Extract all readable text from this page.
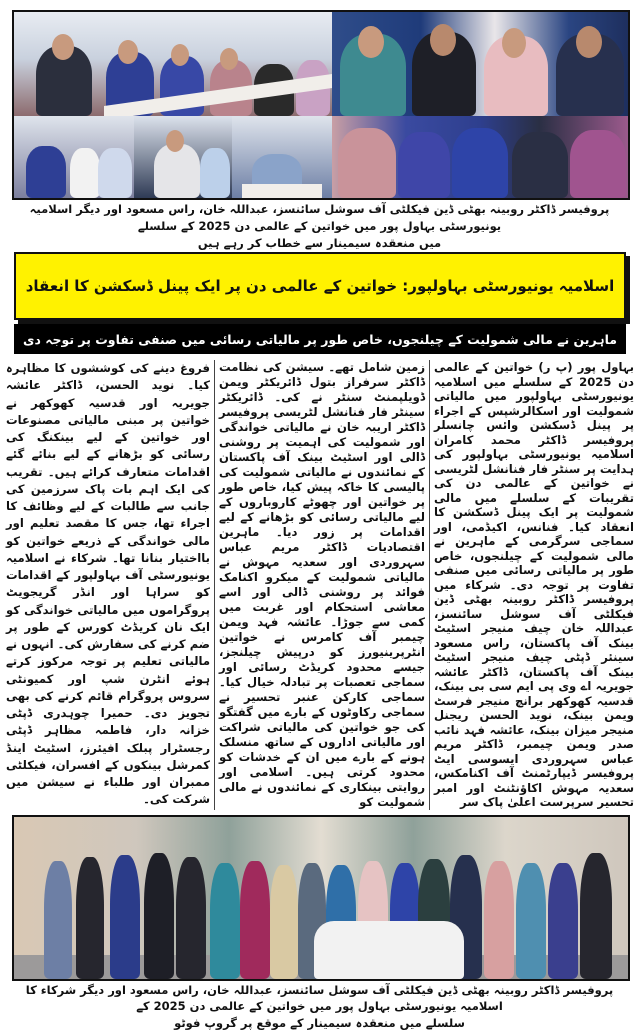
پروفیسر ڈاکٹر روبینہ بھٹی ڈین فیکلٹی آف سوشل سائنسز، عبداللہ خان، راس مسعود اور دیگر اسلامیہ یونیورسٹی بہاول پور میں خواتین کے عالمی دن 2025 کے سلسلے
میں منعقدہ سیمینار سے خطاب کر رہے ہیں
اسلامیہ یونیورسٹی بہاولپور: خواتین کے عالمی دن پر ایک پینل ڈسکشن کا انعقاد
ماہرین نے مالی شمولیت کے چیلنجوں، خاص طور پر مالیاتی رسائی میں صنفی تفاوت پر توجہ دی
بہاول پور (پ ر) خواتین کے عالمی دن 2025 کے سلسلے میں اسلامیہ یونیورسٹی بہاولپور میں مالیاتی شمولیت اور اسکالرشپس کے اجراء پر پینل ڈسکشن وائس چانسلر پروفیسر ڈاکٹر محمد کامران اسلامیہ یونیورسٹی بہاولپور کی ہدایت پر سنٹر فار فنانشل لٹریسی نے خواتین کے عالمی دن کی تقریبات کے سلسلے میں مالی شمولیت پر ایک پینل ڈسکشن کا انعقاد کیا۔ فنانس، اکیڈمی، اور سماجی سرگرمی کے ماہرین نے مالی شمولیت کے چیلنجوں، خاص طور پر مالیاتی رسائی میں صنفی تفاوت پر توجہ دی۔ شرکاء میں پروفیسر ڈاکٹر روبینہ بھٹی ڈین فیکلٹی آف سوشل سائنسز، عبداللہ خان چیف منیجر اسٹیٹ بینک آف پاکستان، راس مسعود سینئر ڈپٹی چیف منیجر اسٹیٹ بینک آف پاکستان، ڈاکٹر عائشہ جویریہ اے وی پی ایم سی بی بینک، قدسیہ کھوکھر برانچ منیجر فرسٹ ویمن بینک، نوید الحسن ریجنل منیجر میزان بینک، عائشہ فہد نائب صدر ویمن چیمبر، ڈاکٹر مریم عباس سہروردی ایسوسی ایٹ پروفیسر ڈیپارٹمنٹ آف اکنامکس، سعدیہ مہوش اکاؤنٹنٹ اور امبر تحسیر سرپرست اعلیٰ پاک سر
زمین شامل تھے۔ سیشن کی نظامت ڈاکٹر سرفراز بتول ڈائریکٹر ویمن ڈویلپمنٹ سنٹر نے کی۔ ڈائریکٹر سینٹر فار فنانشل لٹریسی پروفیسر ڈاکٹر اریبہ خان نے مالیاتی خواندگی اور شمولیت کی اہمیت پر روشنی ڈالی اور اسٹیٹ بینک آف پاکستان کے نمائندوں نے مالیاتی شمولیت کی پالیسی کا خاکہ پیش کیا، خاص طور پر خواتین اور چھوٹے کاروباروں کے لیے مالیاتی رسائی کو بڑھانے کے لیے اقدامات پر زور دیا۔ ماہرین اقتصادیات ڈاکٹر مریم عباس سہروردی اور سعدیہ مہوش نے مالیاتی شمولیت کے میکرو اکنامک فوائد پر روشنی ڈالی اور اسے معاشی استحکام اور غربت میں کمی سے جوڑا۔ عائشہ فہد ویمن چیمبر آف کامرس نے خواتین انٹرپرینیورز کو درپیش چیلنجز، جیسے محدود کریڈٹ رسائی اور سماجی تعصبات پر تبادلہ خیال کیا۔ سماجی کارکن عنبر تحسیر نے سماجی رکاوٹوں کے بارے میں گفتگو کی جو خواتین کی مالیاتی شراکت اور مالیاتی اداروں کے ساتھ منسلک ہونے کے بارے میں ان کے خدشات کو محدود کرتی ہیں۔ اسلامی اور روایتی بینکاری کے نمائندوں نے مالی شمولیت کو
فروغ دینے کی کوششوں کا مظاہرہ کیا۔ نوید الحسن، ڈاکٹر عائشہ جویریہ اور قدسیہ کھوکھر نے خواتین پر مبنی مالیاتی مصنوعات اور خواتین کے لیے بینکنگ کی رسائی کو بڑھانے کے لیے بنائے گئے اقدامات متعارف کرائے ہیں۔ تقریب کی ایک اہم بات پاک سرزمین کی جانب سے طالبات کے لیے وظائف کا اجراء تھا، جس کا مقصد تعلیم اور مالی خواندگی کے ذریعے خواتین کو بااختیار بنانا تھا۔ شرکاء نے اسلامیہ یونیورسٹی آف بہاولپور کے اقدامات کو سراہا اور انڈر گریجویٹ پروگراموں میں مالیاتی خواندگی کو ایک نان کریڈٹ کورس کے طور پر ضم کرنے کی سفارش کی۔ انہوں نے مالیاتی تعلیم پر توجہ مرکوز کرتے ہوئے انٹرن شپ اور کمیونٹی سروس پروگرام قائم کرنے کی بھی تجویز دی۔ حمیرا چوہدری ڈپٹی خزانہ دار، فاطمہ مظاہر ڈپٹی رجسٹرار پبلک افیئرز، اسٹیٹ اینڈ کمرشل بینکوں کے افسران، فیکلٹی ممبران اور طلباء نے سیشن میں شرکت کی۔
پروفیسر ڈاکٹر روبینہ بھٹی ڈین فیکلٹی آف سوشل سائنسز، عبداللہ خان، راس مسعود اور دیگر شرکاء کا اسلامیہ یونیورسٹی بہاول پور میں خواتین کے عالمی دن 2025 کے
سلسلے میں منعقدہ سیمینار کے موقع پر گروپ فوٹو
